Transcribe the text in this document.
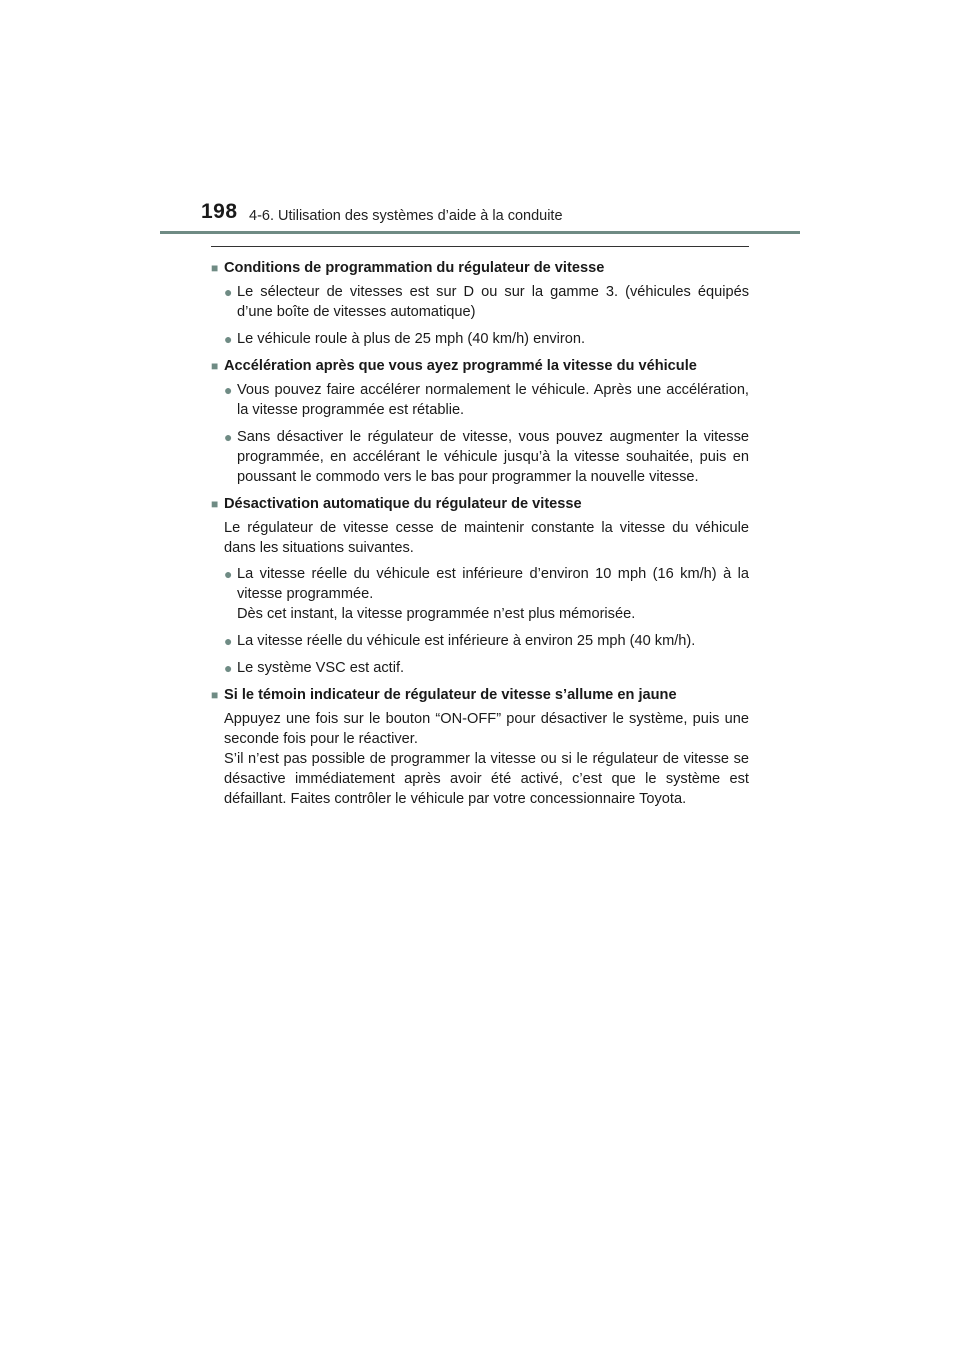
198 4-6. Utilisation des systèmes d’aide à la conduite
■ Conditions de programmation du régulateur de vitesse
● Le sélecteur de vitesses est sur D ou sur la gamme 3. (véhicules équipés d’une boîte de vitesses automatique)
● Le véhicule roule à plus de 25 mph (40 km/h) environ.
■ Accélération après que vous ayez programmé la vitesse du véhicule
● Vous pouvez faire accélérer normalement le véhicule. Après une accélération, la vitesse programmée est rétablie.
● Sans désactiver le régulateur de vitesse, vous pouvez augmenter la vitesse programmée, en accélérant le véhicule jusqu’à la vitesse souhaitée, puis en poussant le commodo vers le bas pour programmer la nouvelle vitesse.
■ Désactivation automatique du régulateur de vitesse
Le régulateur de vitesse cesse de maintenir constante la vitesse du véhicule dans les situations suivantes.
● La vitesse réelle du véhicule est inférieure d’environ 10 mph (16 km/h) à la vitesse programmée.
Dès cet instant, la vitesse programmée n’est plus mémorisée.
● La vitesse réelle du véhicule est inférieure à environ 25 mph (40 km/h).
● Le système VSC est actif.
■ Si le témoin indicateur de régulateur de vitesse s’allume en jaune
Appuyez une fois sur le bouton “ON-OFF” pour désactiver le système, puis une seconde fois pour le réactiver.
S’il n’est pas possible de programmer la vitesse ou si le régulateur de vitesse se désactive immédiatement après avoir été activé, c’est que le système est défaillant. Faites contrôler le véhicule par votre concessionnaire Toyota.
